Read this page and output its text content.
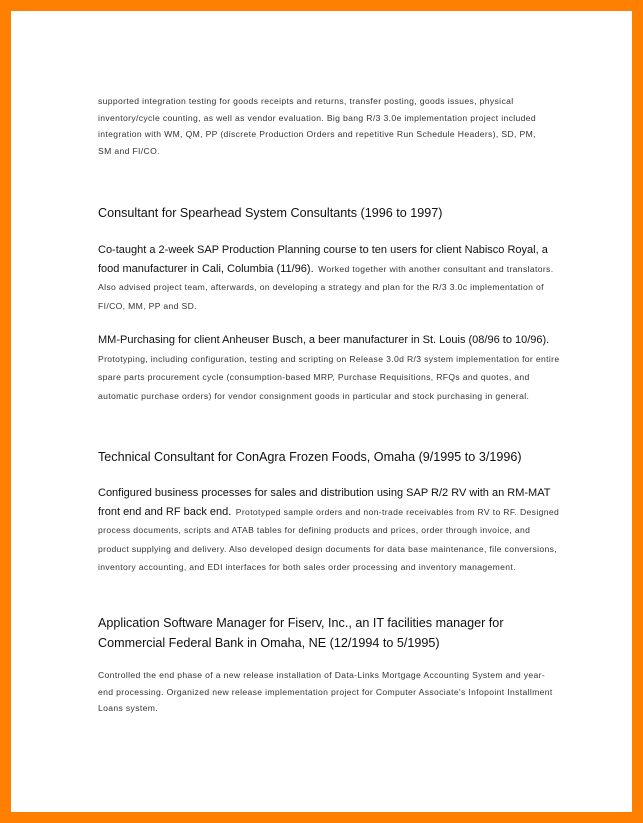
supported integration testing for goods receipts and returns, transfer posting, goods issues, physical inventory/cycle counting, as well as vendor evaluation. Big bang R/3 3.0e implementation project included integration with WM, QM, PP (discrete Production Orders and repetitive Run Schedule Headers), SD, PM, SM and FI/CO.

Consultant for Spearhead System Consultants (1996 to 1997)

Co-taught a 2-week SAP Production Planning course to ten users for client Nabisco Royal, a food manufacturer in Cali, Columbia (11/96). Worked together with another consultant and translators. Also advised project team, afterwards, on developing a strategy and plan for the R/3 3.0c implementation of FI/CO, MM, PP and SD.

MM-Purchasing for client Anheuser Busch, a beer manufacturer in St. Louis (08/96 to 10/96). Prototyping, including configuration, testing and scripting on Release 3.0d R/3 system implementation for entire spare parts procurement cycle (consumption-based MRP, Purchase Requisitions, RFQs and quotes, and automatic purchase orders) for vendor consignment goods in particular and stock purchasing in general.

Technical Consultant for ConAgra Frozen Foods, Omaha (9/1995 to 3/1996)

Configured business processes for sales and distribution using SAP R/2 RV with an RM-MAT front end and RF back end. Prototyped sample orders and non-trade receivables from RV to RF. Designed process documents, scripts and ATAB tables for defining products and prices, order through invoice, and product supplying and delivery. Also developed design documents for data base maintenance, file conversions, inventory accounting, and EDI interfaces for both sales order processing and inventory management.

Application Software Manager for Fiserv, Inc., an IT facilities manager for Commercial Federal Bank in Omaha, NE (12/1994 to 5/1995)

Controlled the end phase of a new release installation of Data-Links Mortgage Accounting System and year-end processing. Organized new release implementation project for Computer Associate's Infopoint Installment Loans system.
